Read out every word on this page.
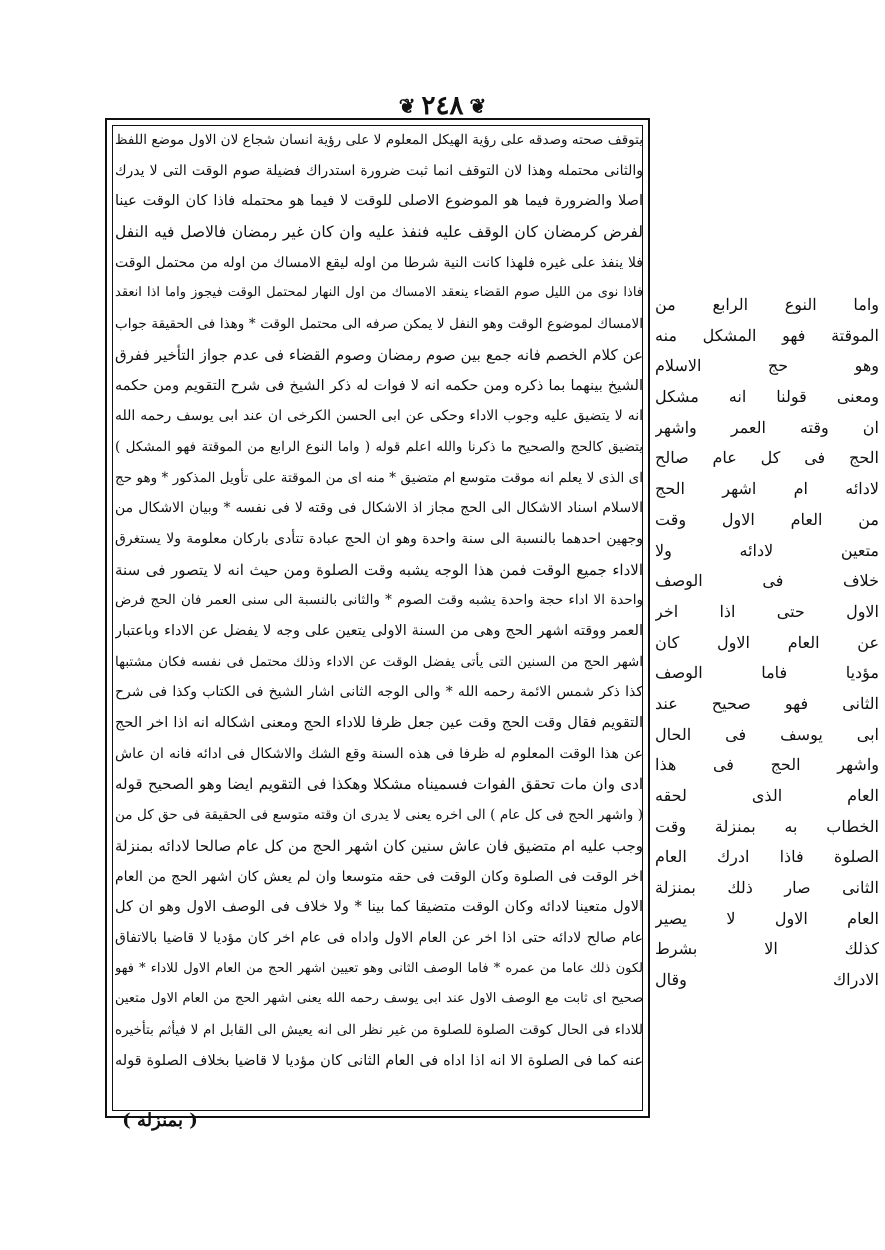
❦
٢٤٨
❦
يتوقف صحته وصدقه على رؤية الهيكل المعلوم لا على رؤية انسان شجاع لان الاول موضع اللفظ
والثانى محتمله وهذا لان التوقف انما ثبت ضرورة استدراك فضيلة صوم الوقت التى لا يدرك
اصلا والضرورة فيما هو الموضوع الاصلى للوقت لا فيما هو محتمله فاذا كان الوقت عينا
لفرض كرمضان كان الوقف عليه فنفذ عليه وان كان غير رمضان فالاصل فيه النفل
فلا ينفذ على غيره فلهذا كانت النية شرطا من اوله ليقع الامساك من اوله من محتمل الوقت
فاذا نوى من الليل صوم القضاء ينعقد الامساك من اول النهار لمحتمل الوقت فيجوز واما اذا انعقد
الامساك لموضوع الوقت وهو النفل لا يمكن صرفه الى محتمل الوقت * وهذا فى الحقيقة جواب
عن كلام الخصم فانه جمع بين صوم رمضان وصوم القضاء فى عدم جواز التأخير ففرق
الشيخ بينهما بما ذكره ومن حكمه انه لا فوات له ذكر الشيخ فى شرح التقويم ومن حكمه
انه لا يتضيق عليه وجوب الاداء وحكى عن ابى الحسن الكرخى ان عند ابى يوسف رحمه الله
يتضيق كالحج والصحيح ما ذكرنا والله اعلم قوله ( واما النوع الرابع من الموقتة فهو المشكل )
اى الذى لا يعلم انه موقت متوسع ام متضيق * منه اى من الموقتة على تأويل المذكور * وهو حج
الاسلام اسناد الاشكال الى الحج مجاز اذ الاشكال فى وقته لا فى نفسه * وبيان الاشكال من
وجهين احدهما بالنسبة الى سنة واحدة وهو ان الحج عبادة تتأدى باركان معلومة ولا يستغرق
الاداء جميع الوقت فمن هذا الوجه يشبه وقت الصلوة ومن حيث انه لا يتصور فى سنة
واحدة الا اداء حجة واحدة يشبه وقت الصوم * والثانى بالنسبة الى سنى العمر فان الحج فرض
العمر ووقته اشهر الحج وهى من السنة الاولى يتعين على وجه لا يفضل عن الاداء وباعتبار
اشهر الحج من السنين التى يأتى يفضل الوقت عن الاداء وذلك محتمل فى نفسه فكان مشتبها
كذا ذكر شمس الائمة رحمه الله * والى الوجه الثانى اشار الشيخ فى الكتاب وكذا فى شرح
التقويم فقال وقت الحج وقت عين جعل ظرفا للاداء الحج ومعنى اشكاله انه اذا اخر الحج
عن هذا الوقت المعلوم له ظرفا فى هذه السنة وقع الشك والاشكال فى ادائه فانه ان عاش
ادى وان مات تحقق الفوات فسميناه مشكلا وهكذا فى التقويم ايضا وهو الصحيح قوله
( واشهر الحج فى كل عام ) الى اخره يعنى لا يدرى ان وقته متوسع فى الحقيقة فى حق كل من
وجب عليه ام متضيق فان عاش سنين كان اشهر الحج من كل عام صالحا لادائه بمنزلة
اخر الوقت فى الصلوة وكان الوقت فى حقه متوسعا وان لم يعش كان اشهر الحج من العام
الاول متعينا لادائه وكان الوقت متضيقا كما بينا * ولا خلاف فى الوصف الاول وهو ان كل
عام صالح لادائه حتى اذا اخر عن العام الاول واداه فى عام اخر كان مؤديا لا قاضيا بالاتفاق
لكون ذلك عاما من عمره * فاما الوصف الثانى وهو تعيين اشهر الحج من العام الاول للاداء * فهو
صحيح اى ثابت مع الوصف الاول عند ابى يوسف رحمه الله يعنى اشهر الحج من العام الاول متعين
للاداء فى الحال كوقت الصلوة للصلوة من غير نظر الى انه يعيش الى القابل ام لا فيأثم بتأخيره
عنه كما فى الصلوة الا انه اذا اداه فى العام الثانى كان مؤديا لا قاضيا بخلاف الصلوة قوله
واما النوع الرابع من
الموقتة فهو المشكل منه
وهو حج الاسلام
ومعنى قولنا انه مشكل
ان وقته العمر واشهر
الحج فى كل عام صالح
لادائه ام اشهر الحج
من العام الاول وقت
متعين لادائه ولا
خلاف فى الوصف
الاول حتى اذا اخر
عن العام الاول كان
مؤديا فاما الوصف
الثانى فهو صحيح عند
ابى يوسف فى الحال
واشهر الحج فى هذا
العام الذى لحقه
الخطاب به بمنزلة وقت
الصلوة فاذا ادرك العام
الثانى صار ذلك بمنزلة
العام الاول لا يصير
كذلك الا بشرط
الادراك وقال
( بمنزلة )
